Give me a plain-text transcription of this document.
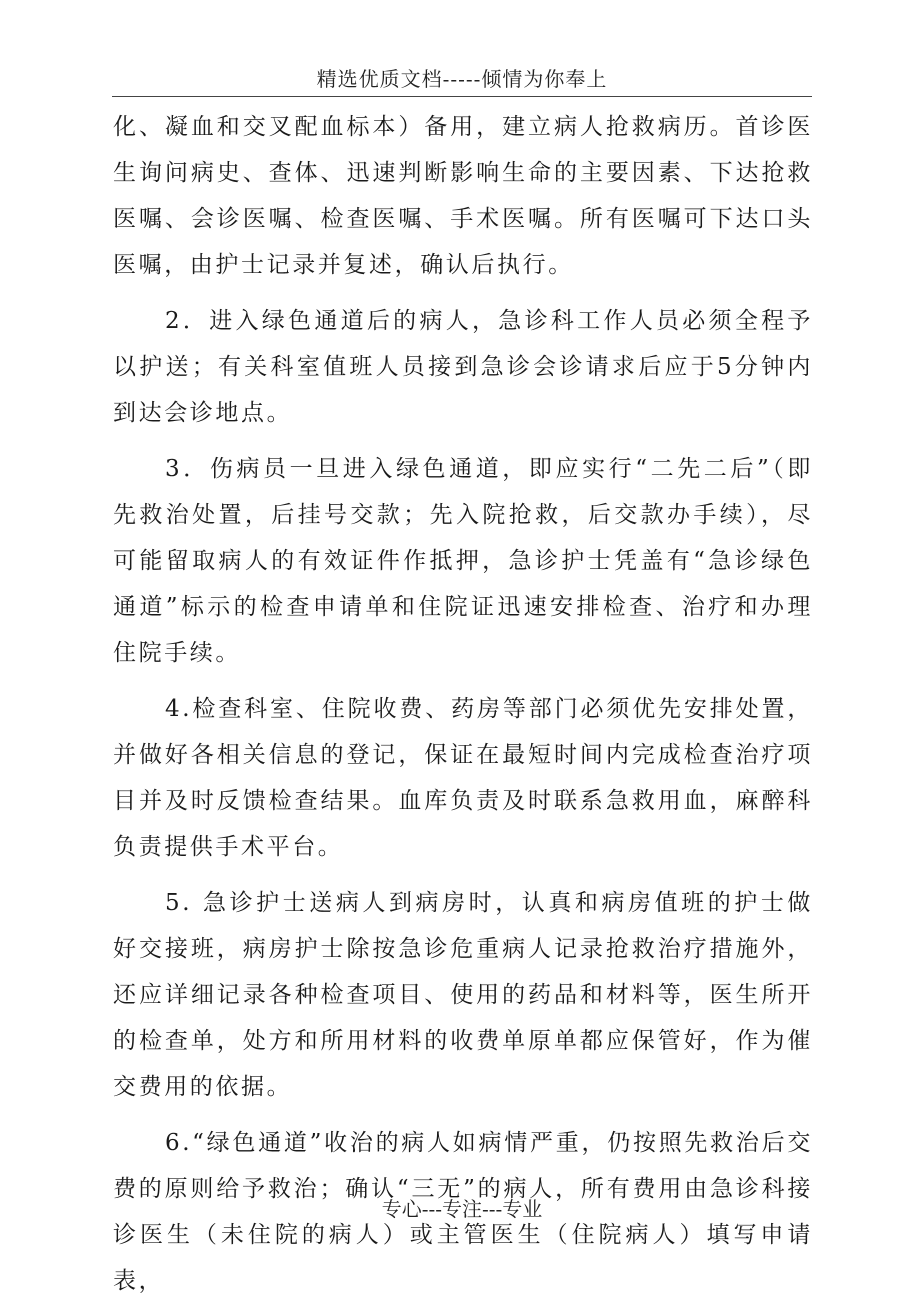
精选优质文档-----倾情为你奉上

化、凝血和交叉配血标本）备用，建立病人抢救病历。首诊医生询问病史、查体、迅速判断影响生命的主要因素、下达抢救医嘱、会诊医嘱、检查医嘱、手术医嘱。所有医嘱可下达口头医嘱，由护士记录并复述，确认后执行。

2．进入绿色通道后的病人，急诊科工作人员必须全程予以护送；有关科室值班人员接到急诊会诊请求后应于5分钟内到达会诊地点。

3．伤病员一旦进入绿色通道，即应实行“二先二后”（即先救治处置，后挂号交款；先入院抢救，后交款办手续），尽可能留取病人的有效证件作抵押，急诊护士凭盖有“急诊绿色通道”标示的检查申请单和住院证迅速安排检查、治疗和办理住院手续。

4.检查科室、住院收费、药房等部门必须优先安排处置，并做好各相关信息的登记，保证在最短时间内完成检查治疗项目并及时反馈检查结果。血库负责及时联系急救用血，麻醉科负责提供手术平台。

5. 急诊护士送病人到病房时，认真和病房值班的护士做好交接班，病房护士除按急诊危重病人记录抢救治疗措施外，还应详细记录各种检查项目、使用的药品和材料等，医生所开的检查单，处方和所用材料的收费单原单都应保管好，作为催交费用的依据。

6.“绿色通道”收治的病人如病情严重，仍按照先救治后交费的原则给予救治；确认“三无”的病人，所有费用由急诊科接诊医生（未住院的病人）或主管医生（住院病人）填写申请表，

专心---专注---专业
